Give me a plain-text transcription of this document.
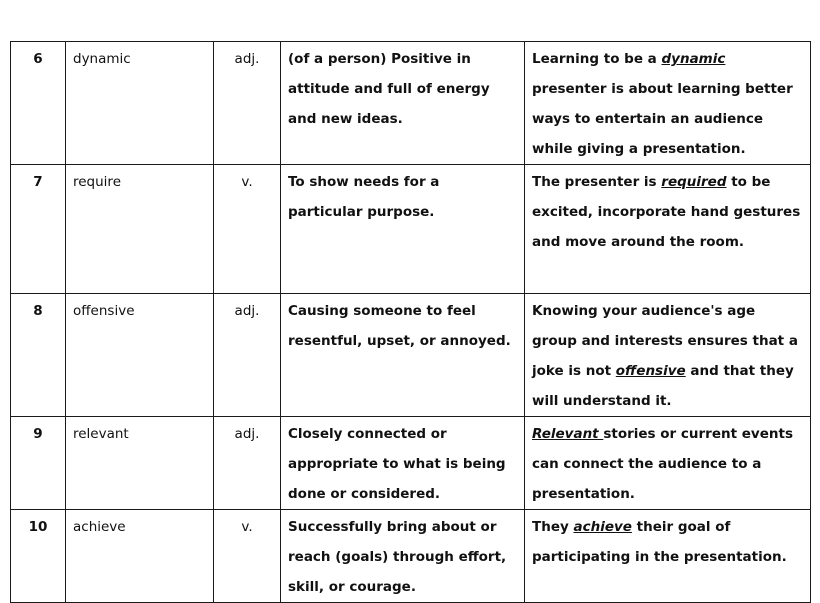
6	dynamic	adj.	(of a person) Positive in attitude and full of energy and new ideas.	Learning to be a dynamic presenter is about learning better ways to entertain an audience while giving a presentation.
7	require	v.	To show needs for a particular purpose.	The presenter is required to be excited, incorporate hand gestures and move around the room.
8	offensive	adj.	Causing someone to feel resentful, upset, or annoyed.	Knowing your audience's age group and interests ensures that a joke is not offensive and that they will understand it.
9	relevant	adj.	Closely connected or appropriate to what is being done or considered.	Relevant stories or current events can connect the audience to a presentation.
10	achieve	v.	Successfully bring about or reach (goals) through effort, skill, or courage.	They achieve their goal of participating in the presentation.
